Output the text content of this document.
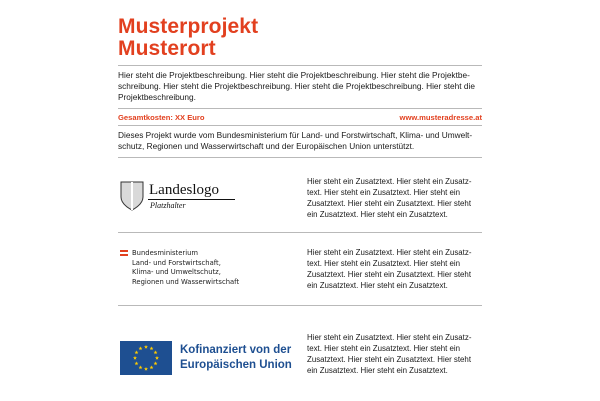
Musterprojekt
Musterort
Hier steht die Projektbeschreibung. Hier steht die Projektbeschreibung. Hier steht die Projektbe-
schreibung. Hier steht die Projektbeschreibung. Hier steht die Projektbeschreibung. Hier steht die
Projektbeschreibung.
Gesamtkosten: XX Euro	www.musteradresse.at
Dieses Projekt wurde vom Bundesministerium für Land- und Forstwirtschaft, Klima- und Umwelt-
schutz, Regionen und Wasserwirtschaft und der Europäischen Union unterstützt.
Landeslogo
Platzhalter
Hier steht ein Zusatztext. Hier steht ein Zusatz-
text. Hier steht ein Zusatztext. Hier steht ein
Zusatztext. Hier steht ein Zusatztext. Hier steht
ein Zusatztext. Hier steht ein Zusatztext.
Bundesministerium
Land- und Forstwirtschaft,
Klima- und Umweltschutz,
Regionen und Wasserwirtschaft
Hier steht ein Zusatztext. Hier steht ein Zusatz-
text. Hier steht ein Zusatztext. Hier steht ein
Zusatztext. Hier steht ein Zusatztext. Hier steht
ein Zusatztext. Hier steht ein Zusatztext.
Kofinanziert von der
Europäischen Union
Hier steht ein Zusatztext. Hier steht ein Zusatz-
text. Hier steht ein Zusatztext. Hier steht ein
Zusatztext. Hier steht ein Zusatztext. Hier steht
ein Zusatztext. Hier steht ein Zusatztext.
